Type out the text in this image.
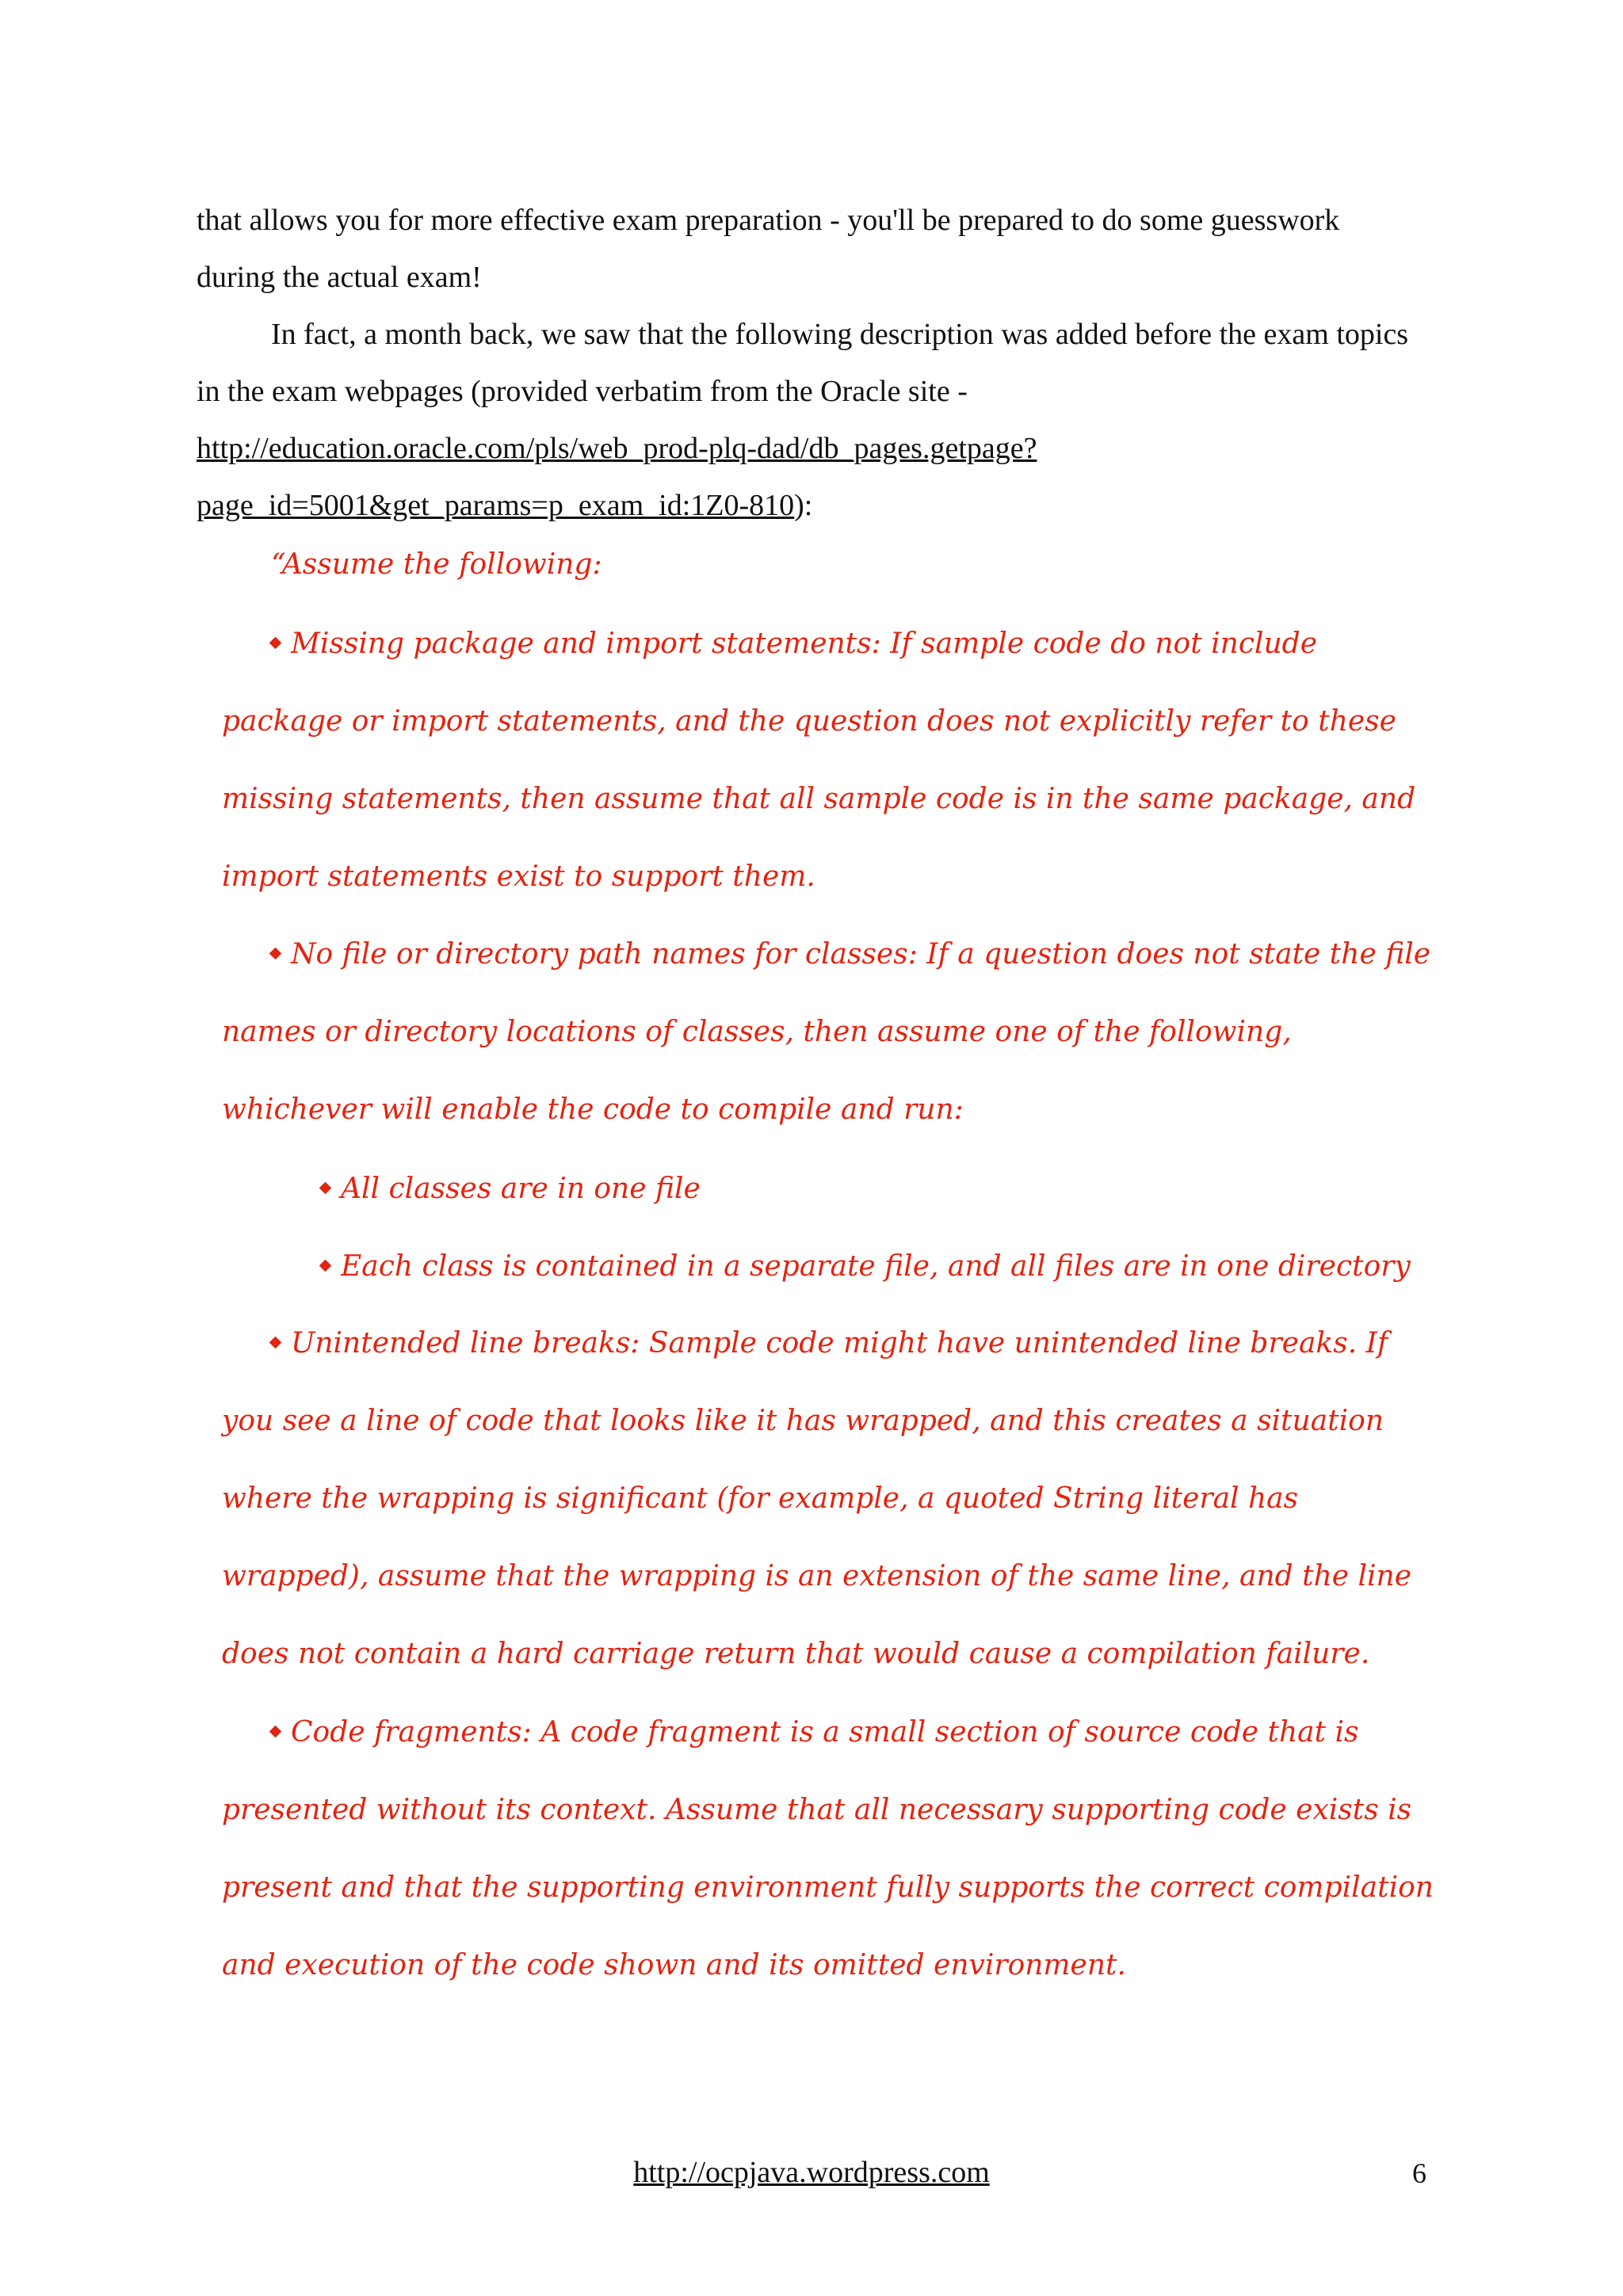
that allows you for more effective exam preparation - you'll be prepared to do some guesswork
during the actual exam!

In fact, a month back, we saw that the following description was added before the exam topics in the exam webpages (provided verbatim from the Oracle site - http://education.oracle.com/pls/web_prod-plq-dad/db_pages.getpage?page_id=5001&get_params=p_exam_id:1Z0-810):

“Assume the following:

Missing package and import statements: If sample code do not include package or import statements, and the question does not explicitly refer to these missing statements, then assume that all sample code is in the same package, and import statements exist to support them.

No file or directory path names for classes: If a question does not state the file names or directory locations of classes, then assume one of the following, whichever will enable the code to compile and run:

All classes are in one file

Each class is contained in a separate file, and all files are in one directory

Unintended line breaks: Sample code might have unintended line breaks. If you see a line of code that looks like it has wrapped, and this creates a situation where the wrapping is significant (for example, a quoted String literal has wrapped), assume that the wrapping is an extension of the same line, and the line does not contain a hard carriage return that would cause a compilation failure.

Code fragments: A code fragment is a small section of source code that is presented without its context. Assume that all necessary supporting code exists is present and that the supporting environment fully supports the correct compilation and execution of the code shown and its omitted environment.

http://ocpjava.wordpress.com	6
